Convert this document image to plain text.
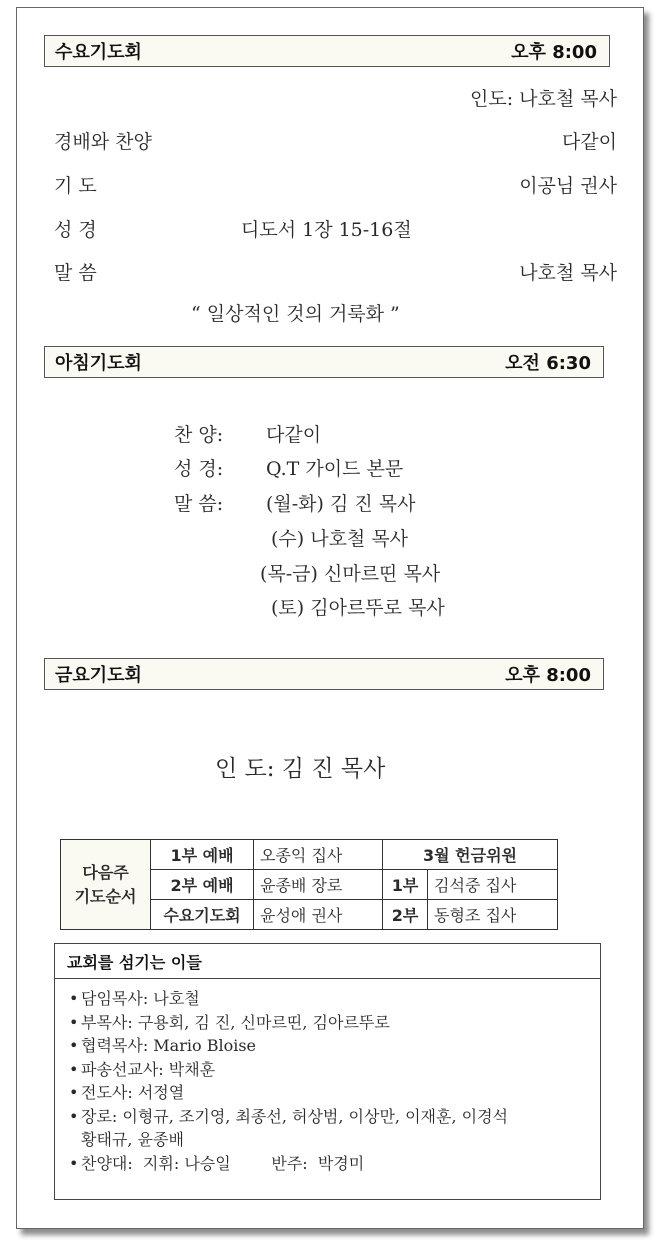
수요기도회	오후 8:00
인도: 나호철 목사
경배와 찬양	다같이
기 도	이공님 권사
성 경	디도서 1장 15-16절
말 씀	나호철 목사
“ 일상적인 것의 거룩화 ”
아침기도회	오전 6:30
찬 양: 다같이
성 경: Q.T 가이드 본문
말 씀: (월-화) 김 진 목사
(수) 나호철 목사
(목-금) 신마르띤 목사
(토) 김아르뚜로 목사
금요기도회	오후 8:00
인 도: 김 진 목사
다음주
기도순서	1부 예배	오종익 집사	3월 헌금위원	
	2부 예배	윤종배 장로	1부	김석중 집사
	수요기도회	윤성애 권사	2부	동형조 집사
교회를 섬기는 이들
• 담임목사: 나호철
• 부목사: 구용회, 김 진, 신마르띤, 김아르뚜로
• 협력목사: Mario Bloise
• 파송선교사: 박채훈
• 전도사: 서정열
• 장로: 이형규, 조기영, 최종선, 허상범, 이상만, 이재훈, 이경석
황태규, 윤종배
• 찬양대:  지휘: 나승일        반주:  박경미
